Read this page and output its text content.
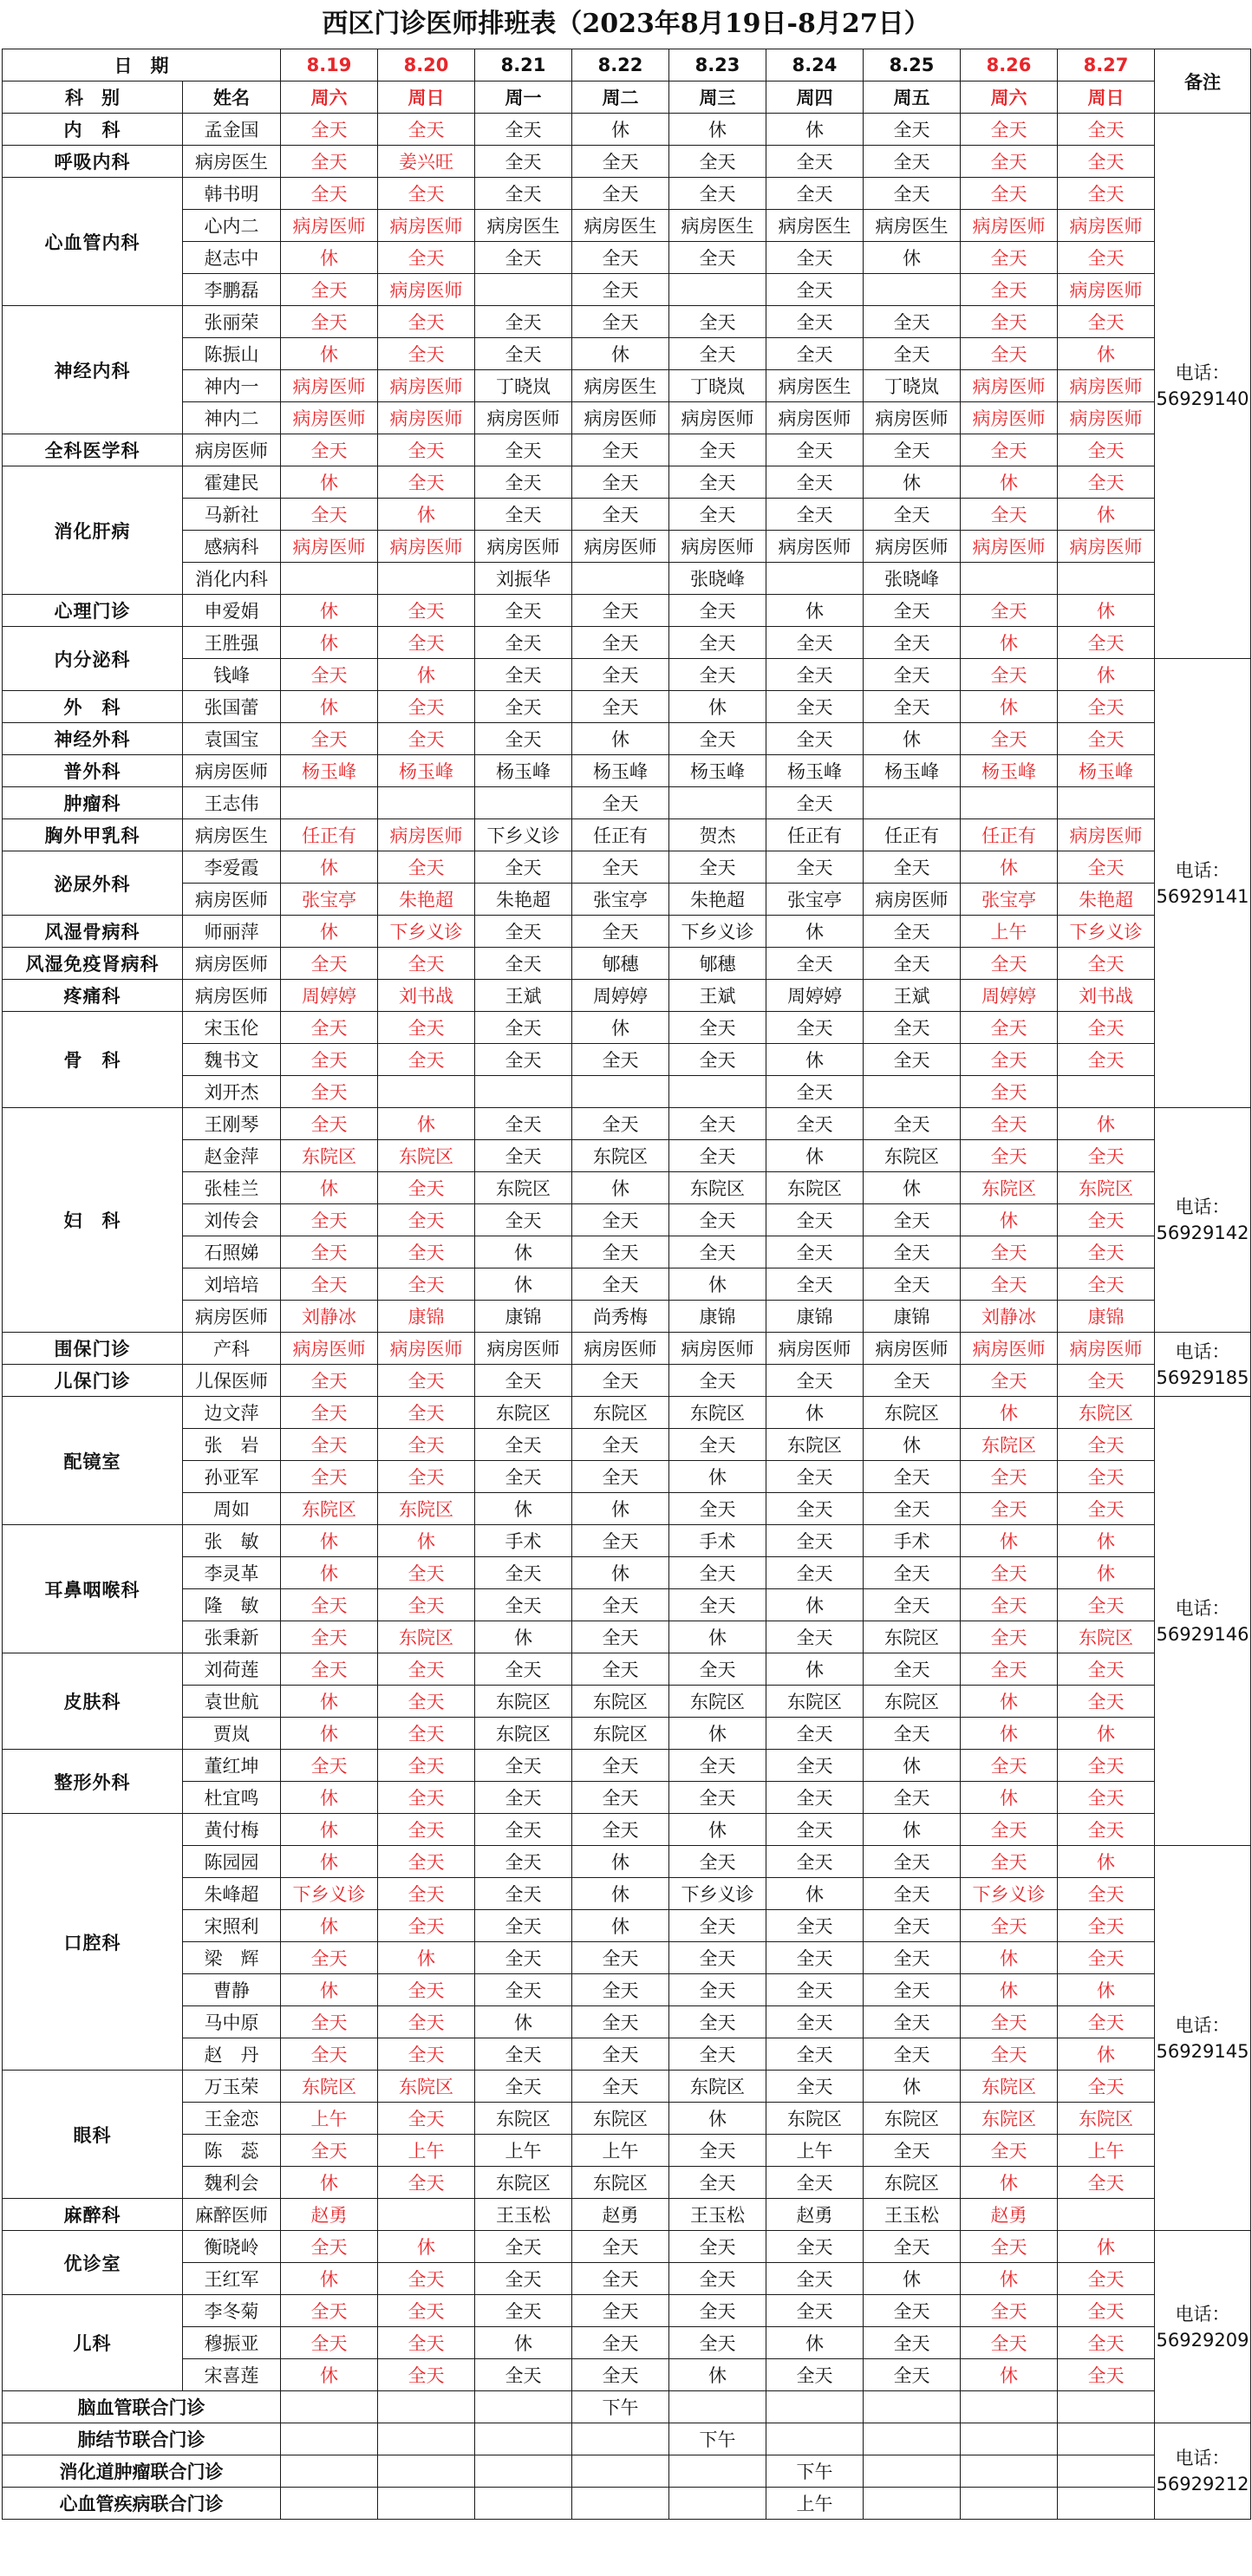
西区门诊医师排班表（2023年8月19日-8月27日）
日　期		8.19	8.20	8.21	8.22	8.23	8.24	8.25	8.26	8.27	备注
科　别	姓名	周六	周日	周一	周二	周三	周四	周五	周六	周日	
内　科	孟金国	全天	全天	全天	休	休	休	全天	全天	全天	电话：
56929140
呼吸内科	病房医生	全天	姜兴旺	全天	全天	全天	全天	全天	全天	全天	
心血管内科	韩书明	全天	全天	全天	全天	全天	全天	全天	全天	全天	
	心内二	病房医师	病房医师	病房医生	病房医生	病房医生	病房医生	病房医生	病房医师	病房医师	
	赵志中	休	全天	全天	全天	全天	全天	休	全天	全天	
	李鹏磊	全天	病房医师		全天		全天		全天	病房医师	
神经内科	张丽荣	全天	全天	全天	全天	全天	全天	全天	全天	全天	
	陈振山	休	全天	全天	休	全天	全天	全天	全天	休	
	神内一	病房医师	病房医师	丁晓岚	病房医生	丁晓岚	病房医生	丁晓岚	病房医师	病房医师	
	神内二	病房医师	病房医师	病房医师	病房医师	病房医师	病房医师	病房医师	病房医师	病房医师	
全科医学科	病房医师	全天	全天	全天	全天	全天	全天	全天	全天	全天	
消化肝病	霍建民	休	全天	全天	全天	全天	全天	休	休	全天	
	马新社	全天	休	全天	全天	全天	全天	全天	全天	休	
	感病科	病房医师	病房医师	病房医师	病房医师	病房医师	病房医师	病房医师	病房医师	病房医师	
	消化内科			刘振华		张晓峰		张晓峰			
心理门诊	申爱娟	休	全天	全天	全天	全天	休	全天	全天	休	
内分泌科	王胜强	休	全天	全天	全天	全天	全天	全天	休	全天	
	钱峰	全天	休	全天	全天	全天	全天	全天	全天	休	电话：
56929141
外　科	张国蕾	休	全天	全天	全天	休	全天	全天	休	全天	
神经外科	袁国宝	全天	全天	全天	休	全天	全天	休	全天	全天	
普外科	病房医师	杨玉峰	杨玉峰	杨玉峰	杨玉峰	杨玉峰	杨玉峰	杨玉峰	杨玉峰	杨玉峰	
肿瘤科	王志伟				全天		全天				
胸外甲乳科	病房医生	任正有	病房医师	下乡义诊	任正有	贺杰	任正有	任正有	任正有	病房医师	
泌尿外科	李爱霞	休	全天	全天	全天	全天	全天	全天	休	全天	
	病房医师	张宝亭	朱艳超	朱艳超	张宝亭	朱艳超	张宝亭	病房医师	张宝亭	朱艳超	
风湿骨病科	师丽萍	休	下乡义诊	全天	全天	下乡义诊	休	全天	上午	下乡义诊	
风湿免疫肾病科	病房医师	全天	全天	全天	郇穗	郇穗	全天	全天	全天	全天	
疼痛科	病房医师	周婷婷	刘书战	王斌	周婷婷	王斌	周婷婷	王斌	周婷婷	刘书战	
骨　科	宋玉伦	全天	全天	全天	休	全天	全天	全天	全天	全天	
	魏书文	全天	全天	全天	全天	全天	休	全天	全天	全天	
	刘开杰	全天					全天		全天		
妇　科	王刚琴	全天	休	全天	全天	全天	全天	全天	全天	休	电话：
56929142
	赵金萍	东院区	东院区	全天	东院区	全天	休	东院区	全天	全天	
	张桂兰	休	全天	东院区	休	东院区	东院区	休	东院区	东院区	
	刘传会	全天	全天	全天	全天	全天	全天	全天	休	全天	
	石照娣	全天	全天	休	全天	全天	全天	全天	全天	全天	
	刘培培	全天	全天	休	全天	休	全天	全天	全天	全天	
	病房医师	刘静冰	康锦	康锦	尚秀梅	康锦	康锦	康锦	刘静冰	康锦	
围保门诊	产科	病房医师	病房医师	病房医师	病房医师	病房医师	病房医师	病房医师	病房医师	病房医师	电话：
56929185
儿保门诊	儿保医师	全天	全天	全天	全天	全天	全天	全天	全天	全天	
配镜室	边文萍	全天	全天	东院区	东院区	东院区	休	东院区	休	东院区	电话：
56929146
	张　岩	全天	全天	全天	全天	全天	东院区	休	东院区	全天	
	孙亚军	全天	全天	全天	全天	休	全天	全天	全天	全天	
	周如	东院区	东院区	休	休	全天	全天	全天	全天	全天	
耳鼻咽喉科	张　敏	休	休	手术	全天	手术	全天	手术	休	休	
	李灵革	休	全天	全天	休	全天	全天	全天	全天	休	
	隆　敏	全天	全天	全天	全天	全天	休	全天	全天	全天	
	张秉新	全天	东院区	休	全天	休	全天	东院区	全天	东院区	
皮肤科	刘荷莲	全天	全天	全天	全天	全天	休	全天	全天	全天	
	袁世航	休	全天	东院区	东院区	东院区	东院区	东院区	休	全天	
	贾岚	休	全天	东院区	东院区	休	全天	全天	休	休	
整形外科	董红坤	全天	全天	全天	全天	全天	全天	休	全天	全天	
	杜宜鸣	休	全天	全天	全天	全天	全天	全天	休	全天	
口腔科	黄付梅	休	全天	全天	全天	休	全天	休	全天	全天	
	陈园园	休	全天	全天	休	全天	全天	全天	全天	休	电话：
56929145
	朱峰超	下乡义诊	全天	全天	休	下乡义诊	休	全天	下乡义诊	全天	
	宋照利	休	全天	全天	休	全天	全天	全天	全天	全天	
	梁　辉	全天	休	全天	全天	全天	全天	全天	休	全天	
	曹静	休	全天	全天	全天	全天	全天	全天	休	休	
	马中原	全天	全天	休	全天	全天	全天	全天	全天	全天	
	赵　丹	全天	全天	全天	全天	全天	全天	全天	全天	休	
眼科	万玉荣	东院区	东院区	全天	全天	东院区	全天	休	东院区	全天	
	王金恋	上午	全天	东院区	东院区	休	东院区	东院区	东院区	东院区	
	陈　蕊	全天	上午	上午	上午	全天	上午	全天	全天	上午	
	魏利会	休	全天	东院区	东院区	全天	全天	东院区	休	全天	
麻醉科	麻醉医师	赵勇		王玉松	赵勇	王玉松	赵勇	王玉松	赵勇		
优诊室	衡晓岭	全天	休	全天	全天	全天	全天	全天	全天	休	电话：
56929209
	王红军	休	全天	全天	全天	全天	全天	休	休	全天	
儿科	李冬菊	全天	全天	全天	全天	全天	全天	全天	全天	全天	
	穆振亚	全天	全天	休	全天	全天	休	全天	全天	全天	
	宋喜莲	休	全天	全天	全天	休	全天	全天	休	全天	
脑血管联合门诊					下午						
肺结节联合门诊						下午					电话：
56929212
消化道肿瘤联合门诊							下午				
心血管疾病联合门诊							上午				
